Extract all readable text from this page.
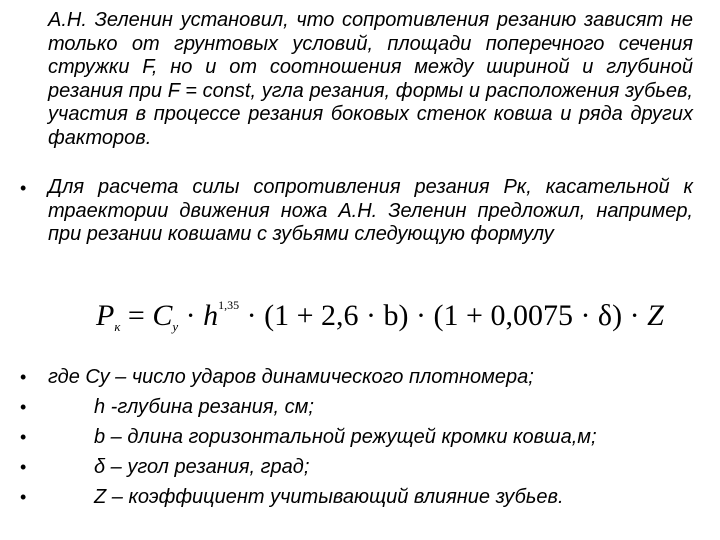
А.Н. Зеленин установил, что сопротивления резанию зависят не только от грунтовых условий, площади поперечного сечения стружки F, но и от соотношения между шириной и глубиной резания при F = const, угла резания, формы и расположения зубьев, участия в процессе резания боковых стенок ковша и ряда других факторов.
• Для расчета силы сопротивления резания Рк, касательной к траектории движения ножа А.Н. Зеленин предложил, например, при резании ковшами с зубьями следующую формулу
$P_к = C_у \cdot h^{1,35} \cdot (1 + 2,6 \cdot b) \cdot (1 + 0,0075 \cdot \delta) \cdot Z$
• где Су – число ударов динамического плотномера;
•	h -глубина резания, см;
•	b – длина горизонтальной режущей кромки ковша,м;
•	δ – угол резания, град;
•	Z – коэффициент учитывающий влияние зубьев.
